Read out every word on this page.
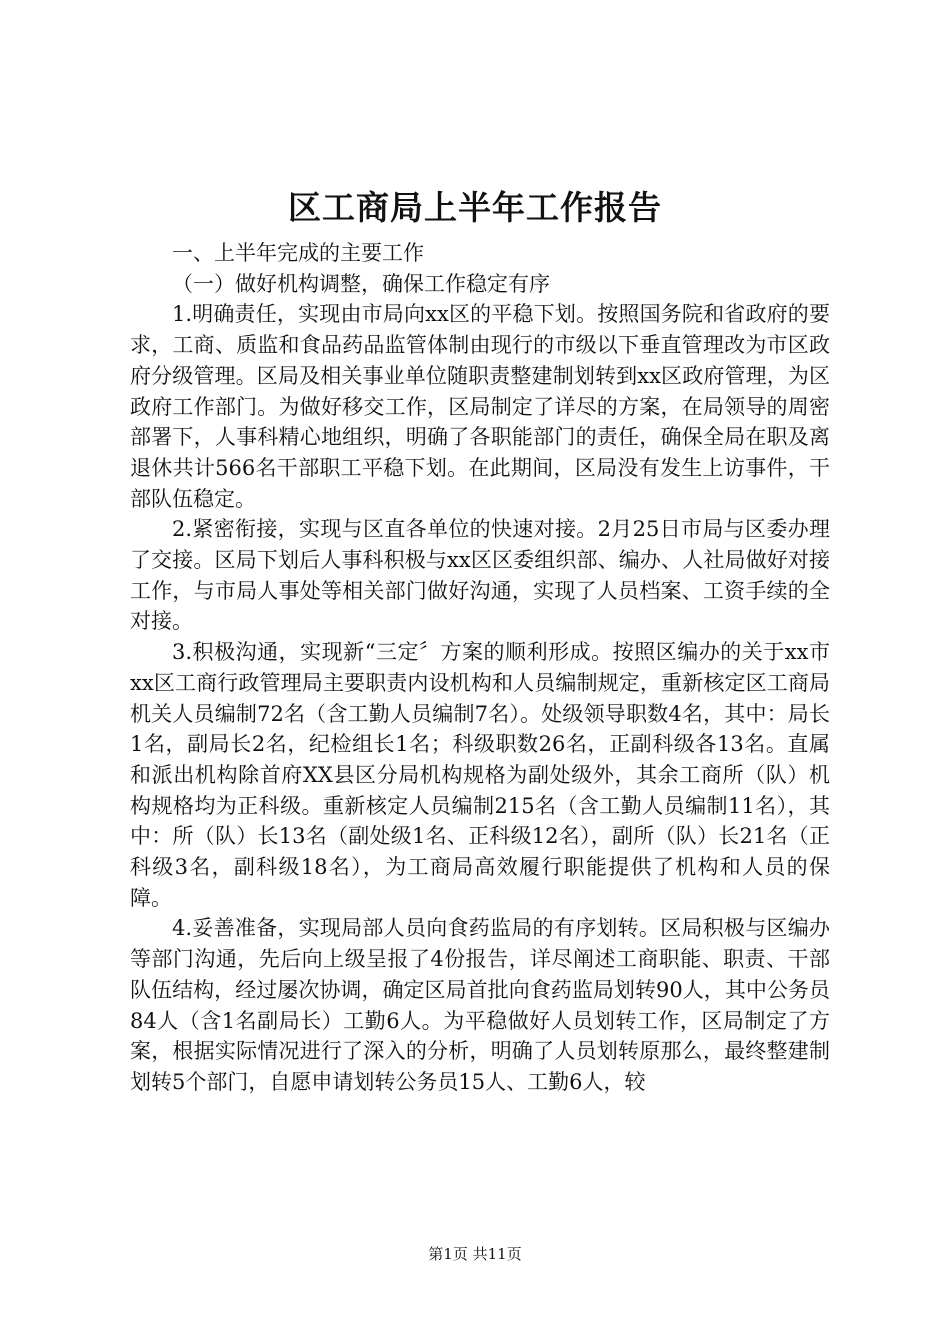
区工商局上半年工作报告

一、上半年完成的主要工作

（一）做好机构调整，确保工作稳定有序

1.明确责任，实现由市局向xx区的平稳下划。按照国务院和省政府的要求，工商、质监和食品药品监管体制由现行的市级以下垂直管理改为市区政府分级管理。区局及相关事业单位随职责整建制划转到xx区政府管理，为区政府工作部门。为做好移交工作，区局制定了详尽的方案，在局领导的周密部署下，人事科精心地组织，明确了各职能部门的责任，确保全局在职及离退休共计566名干部职工平稳下划。在此期间，区局没有发生上访事件，干部队伍稳定。

2.紧密衔接，实现与区直各单位的快速对接。2月25日市局与区委办理了交接。区局下划后人事科积极与xx区区委组织部、编办、人社局做好对接工作，与市局人事处等相关部门做好沟通，实现了人员档案、工资手续的全对接。

3.积极沟通，实现新“三定〞方案的顺利形成。按照区编办的关于xx市xx区工商行政管理局主要职责内设机构和人员编制规定，重新核定区工商局机关人员编制72名（含工勤人员编制7名）。处级领导职数4名，其中：局长1名，副局长2名，纪检组长1名；科级职数26名，正副科级各13名。直属和派出机构除首府XX县区分局机构规格为副处级外，其余工商所（队）机构规格均为正科级。重新核定人员编制215名（含工勤人员编制11名），其中：所（队）长13名（副处级1名、正科级12名），副所（队）长21名（正科级3名，副科级18名），为工商局高效履行职能提供了机构和人员的保障。

4.妥善准备，实现局部人员向食药监局的有序划转。区局积极与区编办等部门沟通，先后向上级呈报了4份报告，详尽阐述工商职能、职责、干部队伍结构，经过屡次协调，确定区局首批向食药监局划转90人，其中公务员84人（含1名副局长）工勤6人。为平稳做好人员划转工作，区局制定了方案，根据实际情况进行了深入的分析，明确了人员划转原那么，最终整建制划转5个部门，自愿申请划转公务员15人、工勤6人，较

第1页 共11页
